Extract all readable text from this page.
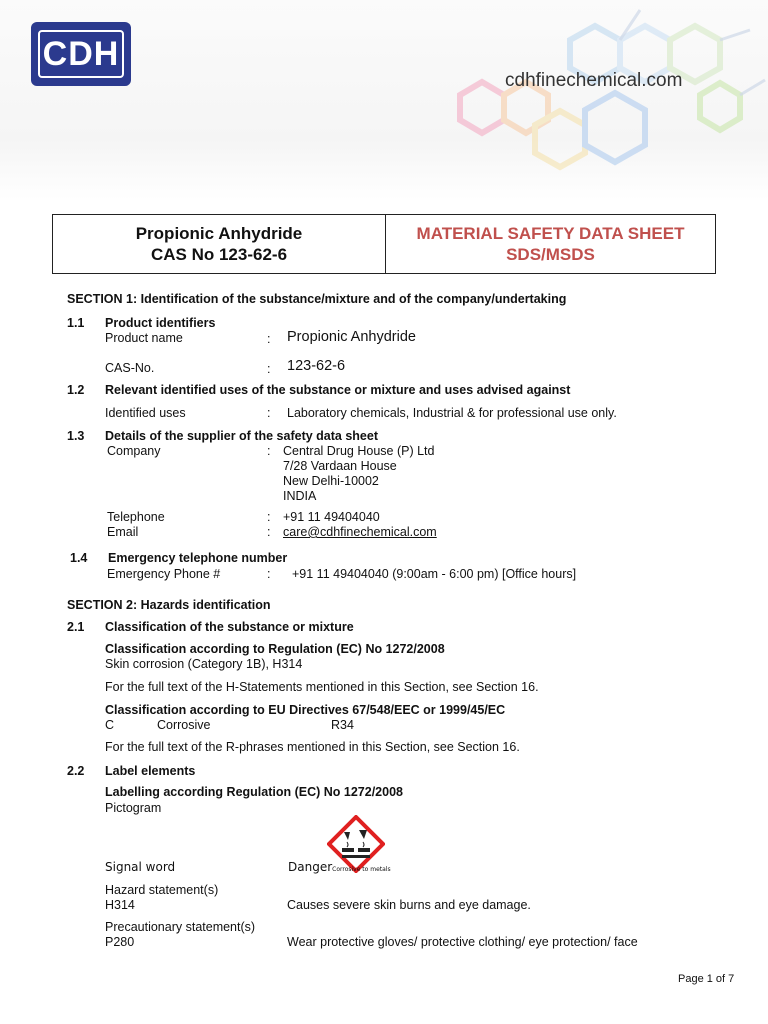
CDH
cdhfinechemical.com
Propionic Anhydride
CAS No 123-62-6
MATERIAL SAFETY DATA SHEET
SDS/MSDS
SECTION 1: Identification of the substance/mixture and of the company/undertaking
1.1 Product identifiers
Product name	: Propionic Anhydride
CAS-No.	: 123-62-6
1.2 Relevant identified uses of the substance or mixture and uses advised against
Identified uses	: Laboratory chemicals, Industrial & for professional use only.
1.3 Details of the supplier of the safety data sheet
Company	: Central Drug House (P) Ltd
7/28 Vardaan House
New Delhi-10002
INDIA
Telephone	: +91 11 49404040
Email	: care@cdhfinechemical.com
1.4 Emergency telephone number
Emergency Phone #	: +91 11 49404040 (9:00am - 6:00 pm) [Office hours]
SECTION 2: Hazards identification
2.1 Classification of the substance or mixture
Classification according to Regulation (EC) No 1272/2008
Skin corrosion (Category 1B), H314
For the full text of the H-Statements mentioned in this Section, see Section 16.
Classification according to EU Directives 67/548/EEC or 1999/45/EC
C	Corrosive	R34
For the full text of the R-phrases mentioned in this Section, see Section 16.
2.2 Label elements
Labelling according Regulation (EC) No 1272/2008
Pictogram
Signal word	DangerCorrosive to metals
Hazard statement(s)
H314	Causes severe skin burns and eye damage.
Precautionary statement(s)
P280	Wear protective gloves/ protective clothing/ eye protection/ face
Page 1 of 7
